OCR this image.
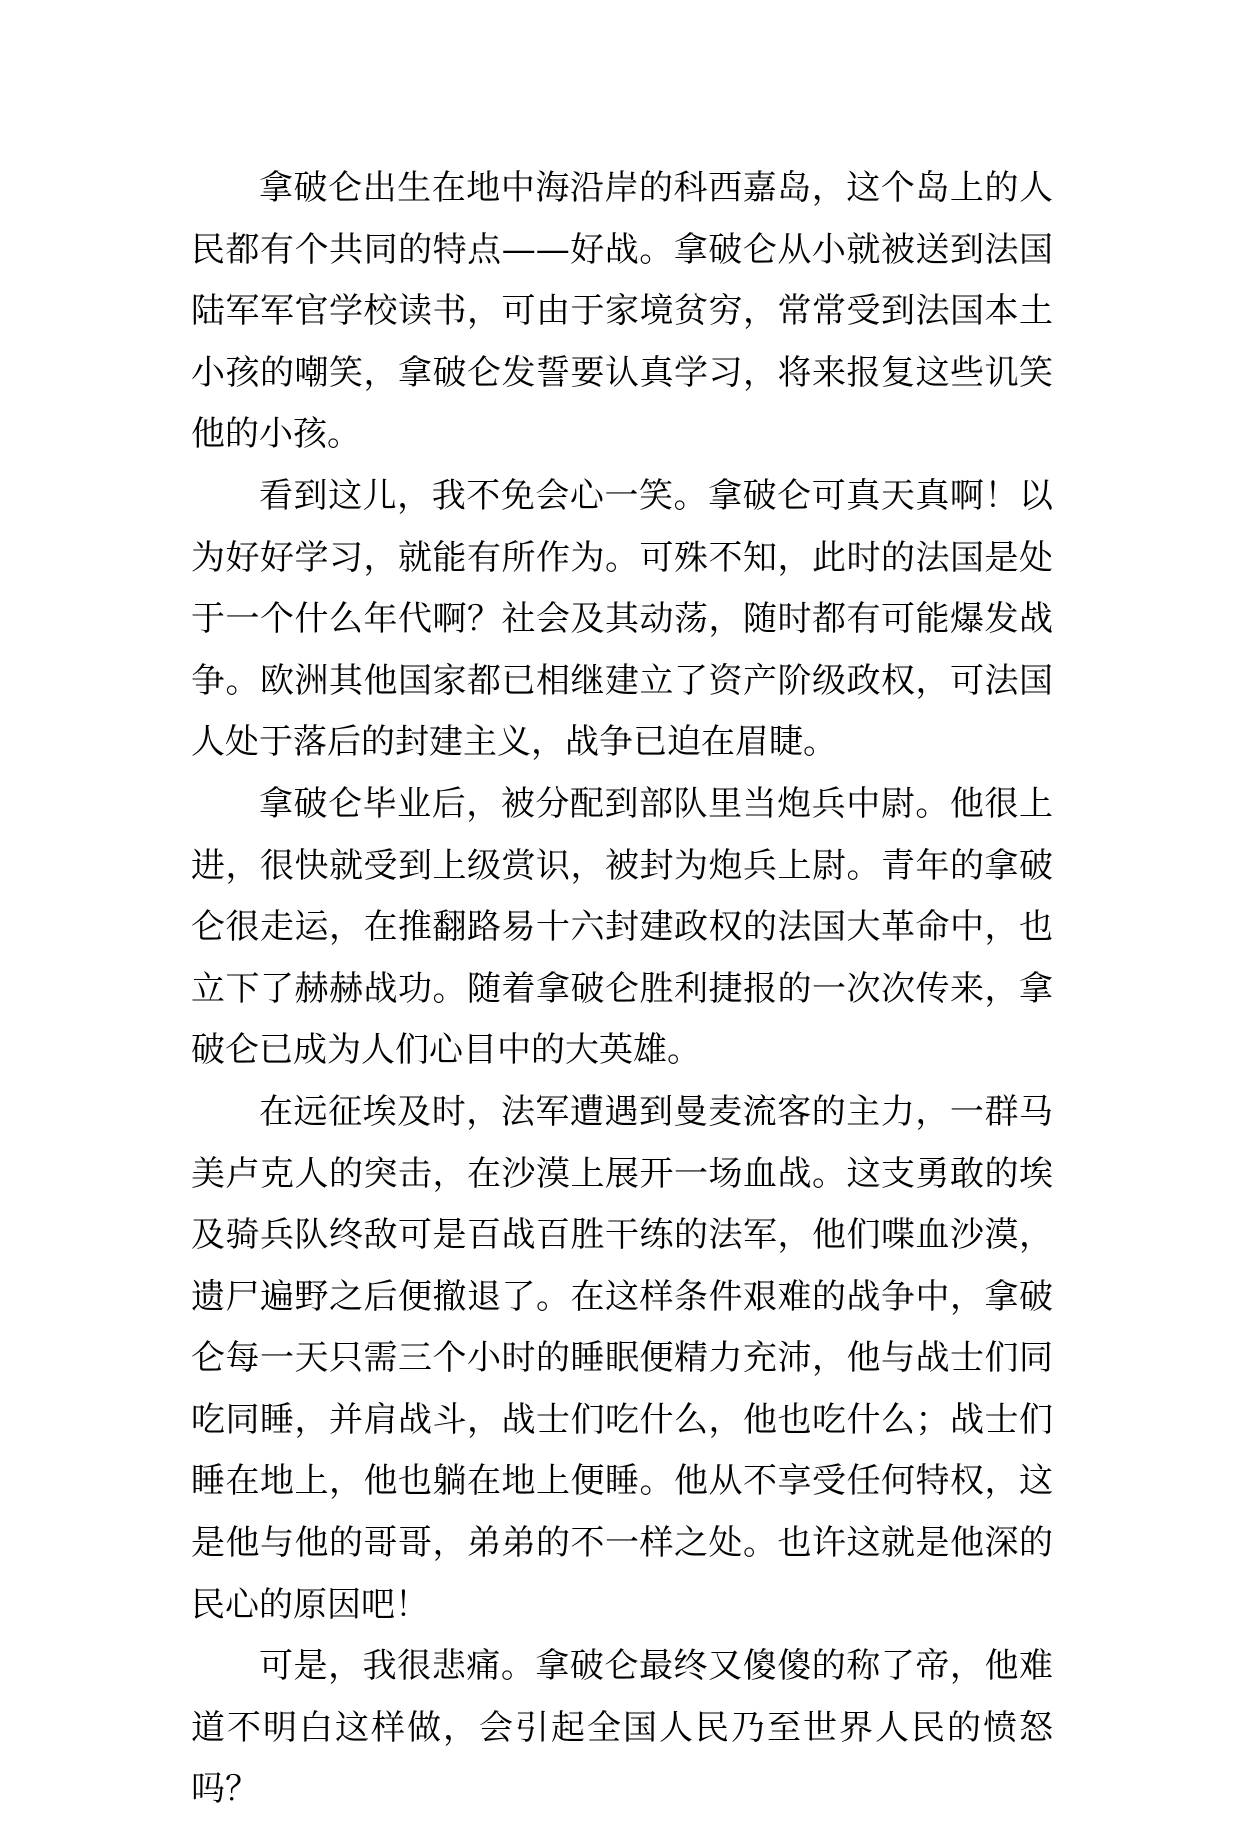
拿破仑出生在地中海沿岸的科西嘉岛，这个岛上的人民都有个共同的特点——好战。拿破仑从小就被送到法国陆军军官学校读书，可由于家境贫穷，常常受到法国本土小孩的嘲笑，拿破仑发誓要认真学习，将来报复这些讥笑他的小孩。

看到这儿，我不免会心一笑。拿破仑可真天真啊！以为好好学习，就能有所作为。可殊不知，此时的法国是处于一个什么年代啊？社会及其动荡，随时都有可能爆发战争。欧洲其他国家都已相继建立了资产阶级政权，可法国人处于落后的封建主义，战争已迫在眉睫。

拿破仑毕业后，被分配到部队里当炮兵中尉。他很上进，很快就受到上级赏识，被封为炮兵上尉。青年的拿破仑很走运，在推翻路易十六封建政权的法国大革命中，也立下了赫赫战功。随着拿破仑胜利捷报的一次次传来，拿破仑已成为人们心目中的大英雄。

在远征埃及时，法军遭遇到曼麦流客的主力，一群马美卢克人的突击，在沙漠上展开一场血战。这支勇敢的埃及骑兵队终敌可是百战百胜干练的法军，他们喋血沙漠，遗尸遍野之后便撤退了。在这样条件艰难的战争中，拿破仑每一天只需三个小时的睡眠便精力充沛，他与战士们同吃同睡，并肩战斗，战士们吃什么，他也吃什么；战士们睡在地上，他也躺在地上便睡。他从不享受任何特权，这是他与他的哥哥，弟弟的不一样之处。也许这就是他深的民心的原因吧！

可是，我很悲痛。拿破仑最终又傻傻的称了帝，他难道不明白这样做，会引起全国人民乃至世界人民的愤怒吗？
